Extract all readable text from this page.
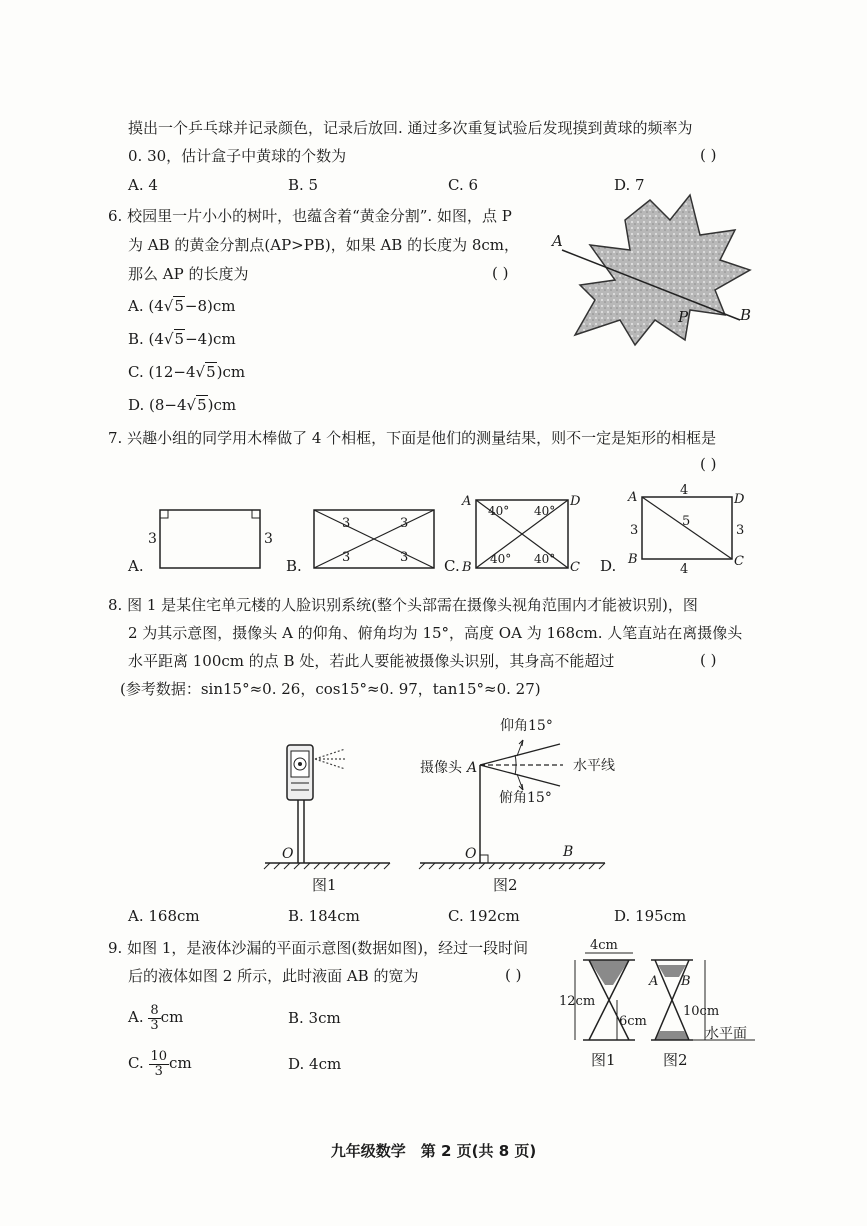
摸出一个乒乓球并记录颜色，记录后放回. 通过多次重复试验后发现摸到黄球的频率为
0. 30，估计盒子中黄球的个数为	( )
A. 4	B. 5	C. 6	D. 7
6. 校园里一片小小的树叶，也蕴含着“黄金分割”. 如图，点 P
为 AB 的黄金分割点(AP>PB)，如果 AB 的长度为 8cm，
那么 AP 的长度为	( )
A. (4√5−8)cm
B. (4√5−4)cm
C. (12−4√5)cm
D. (8−4√5)cm
A
P	B
7. 兴趣小组的同学用木棒做了 4 个相框，下面是他们的测量结果，则不一定是矩形的相框是
( )
A.
3	3
B.
3	3
3	3 C.
A	D
B	C
40° 40°
40° 40°	D.
A	D
B	C
4
4
3	3
5
8. 图 1 是某住宅单元楼的人脸识别系统(整个头部需在摄像头视角范围内才能被识别)，图
2 为其示意图，摄像头 A 的仰角、俯角均为 15°，高度 OA 为 168cm. 人笔直站在离摄像头
水平距离 100cm 的点 B 处，若此人要能被摄像头识别，其身高不能超过	( )
(参考数据：sin15°≈0. 26，cos15°≈0. 97，tan15°≈0. 27)
O
图1
仰角15°
俯角15°
水平线
摄像头 A
O	B
图2
A. 168cm	B. 184cm	C. 192cm	D. 195cm
9. 如图 1，是液体沙漏的平面示意图(数据如图)，经过一段时间
后的液体如图 2 所示，此时液面 AB 的宽为	( )
A. $\frac{8}{3}$ cm	B. 3cm
C. $\frac{10}{3}$ cm	D. 4cm
4cm
12cm
6cm
图1
A B
10cm
水平面
图2
九年级数学　第 2 页(共 8 页)
